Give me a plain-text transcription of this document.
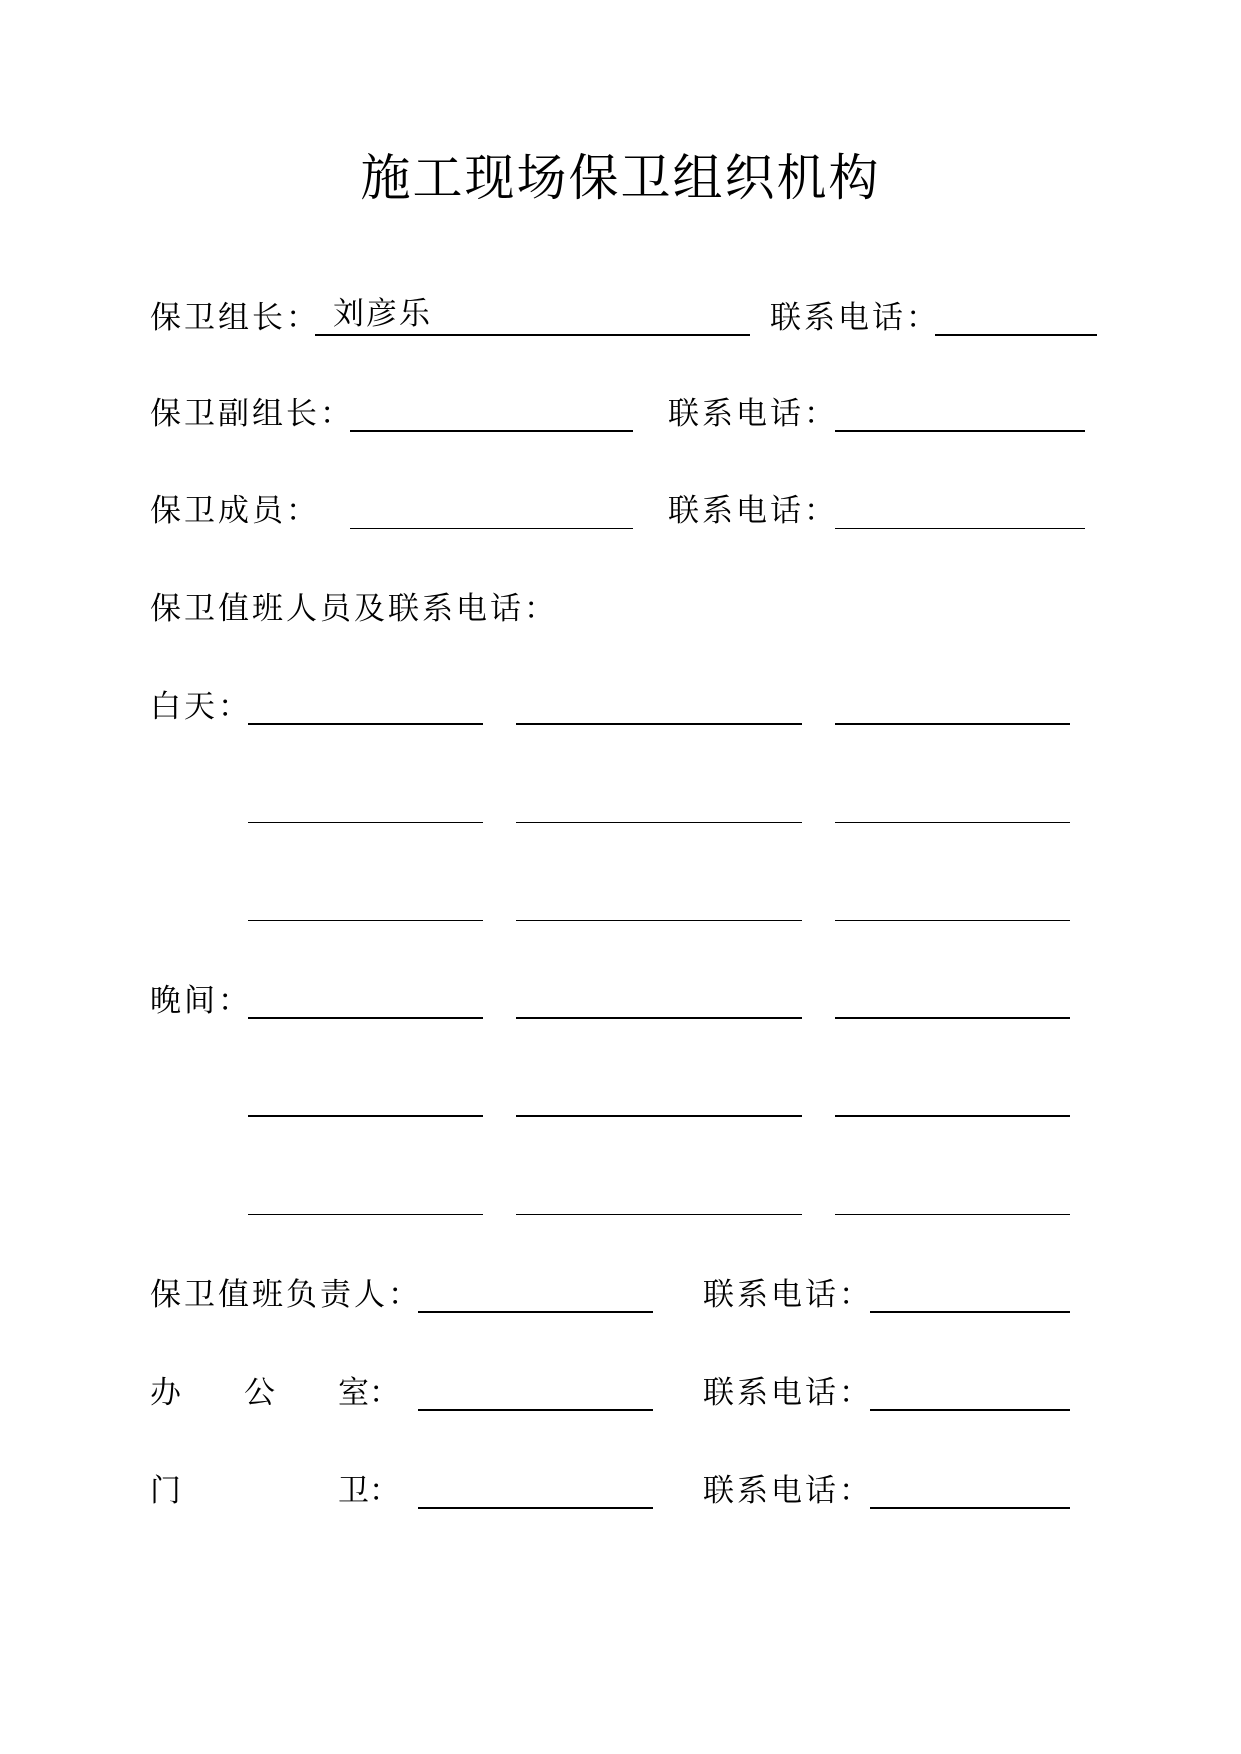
施工现场保卫组织机构
保卫组长： 刘彦乐	联系电话：
保卫副组长：	联系电话：
保卫成员：	联系电话：
保卫值班人员及联系电话：
白天：
晚间：
保卫值班负责人：	联系电话：
办 公 室：	联系电话：
门	卫：	联系电话：
